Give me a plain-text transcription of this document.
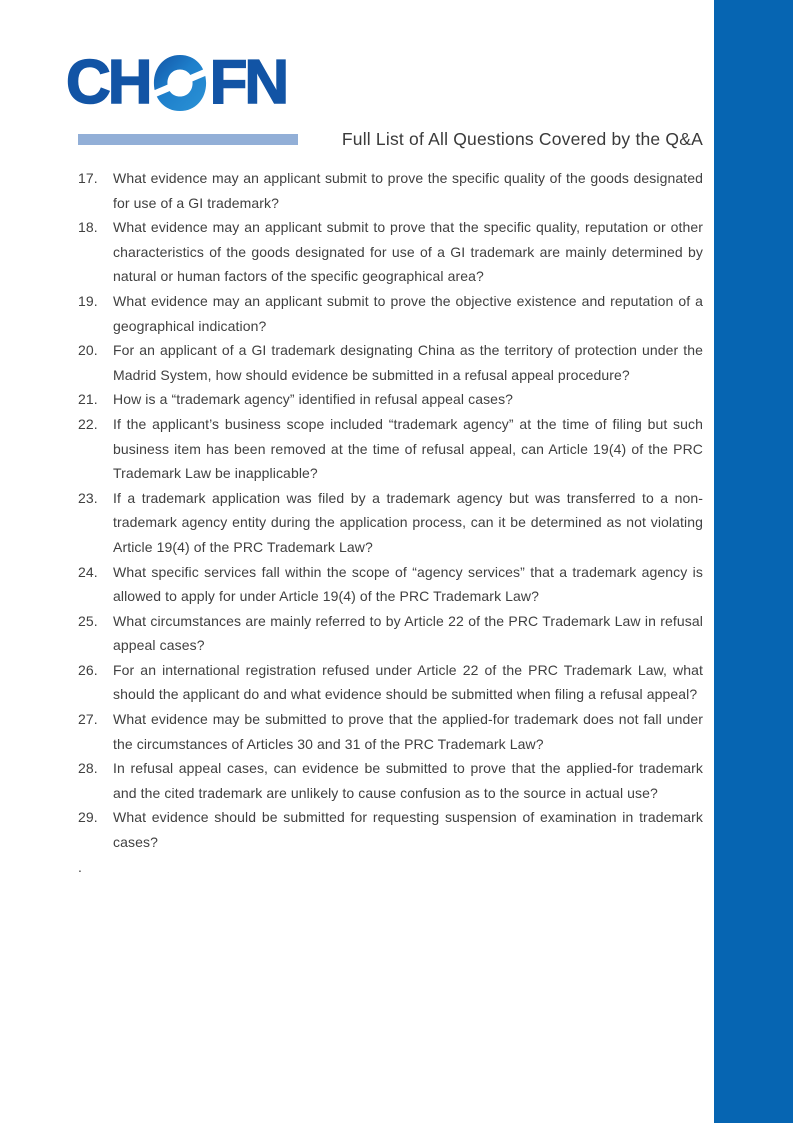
CH FN
Full List of All Questions Covered by the Q&A
17. What evidence may an applicant submit to prove the specific quality of the goods designated for use of a GI trademark?
18. What evidence may an applicant submit to prove that the specific quality, reputation or other characteristics of the goods designated for use of a GI trademark are mainly determined by natural or human factors of the specific geographical area?
19. What evidence may an applicant submit to prove the objective existence and reputation of a geographical indication?
20. For an applicant of a GI trademark designating China as the territory of protection under the Madrid System, how should evidence be submitted in a refusal appeal procedure?
21. How is a “trademark agency” identified in refusal appeal cases?
22. If the applicant’s business scope included “trademark agency” at the time of filing but such business item has been removed at the time of refusal appeal, can Article 19(4) of the PRC Trademark Law be inapplicable?
23. If a trademark application was filed by a trademark agency but was transferred to a non-trademark agency entity during the application process, can it be determined as not violating Article 19(4) of the PRC Trademark Law?
24. What specific services fall within the scope of “agency services” that a trademark agency is allowed to apply for under Article 19(4) of the PRC Trademark Law?
25. What circumstances are mainly referred to by Article 22 of the PRC Trademark Law in refusal appeal cases?
26. For an international registration refused under Article 22 of the PRC Trademark Law, what should the applicant do and what evidence should be submitted when filing a refusal appeal?
27. What evidence may be submitted to prove that the applied-for trademark does not fall under the circumstances of Articles 30 and 31 of the PRC Trademark Law?
28. In refusal appeal cases, can evidence be submitted to prove that the applied-for trademark and the cited trademark are unlikely to cause confusion as to the source in actual use?
29. What evidence should be submitted for requesting suspension of examination in trademark cases?
.
